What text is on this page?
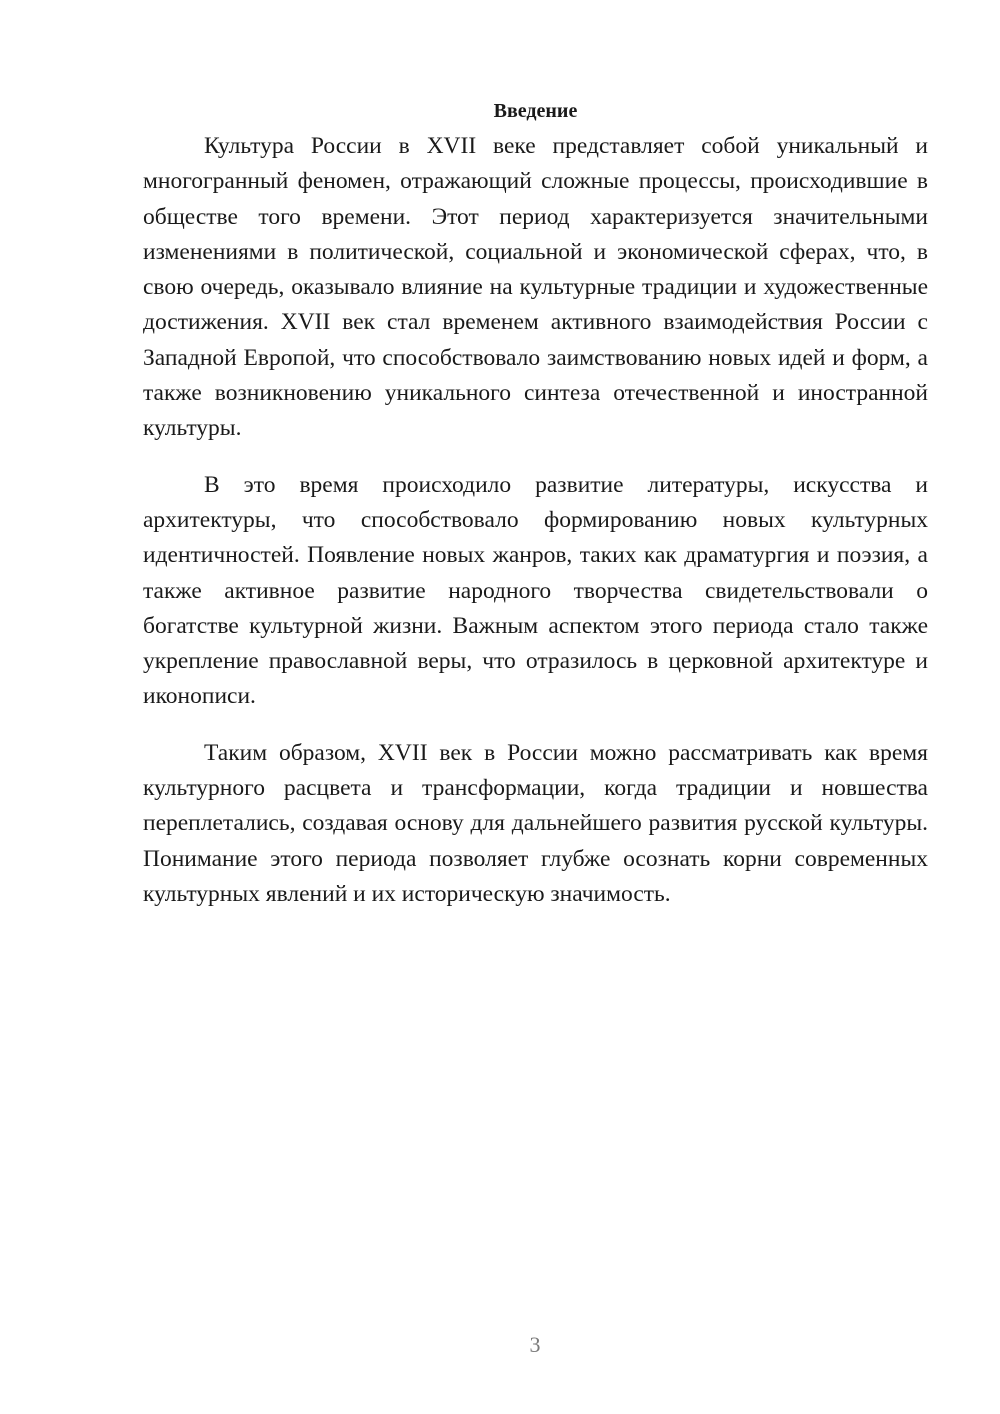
Введение

Культура России в XVII веке представляет собой уникальный и многогранный феномен, отражающий сложные процессы, происходившие в обществе того времени. Этот период характеризуется значительными изменениями в политической, социальной и экономической сферах, что, в свою очередь, оказывало влияние на культурные традиции и художественные достижения. XVII век стал временем активного взаимодействия России с Западной Европой, что способствовало заимствованию новых идей и форм, а также возникновению уникального синтеза отечественной и иностранной культуры.

В это время происходило развитие литературы, искусства и архитектуры, что способствовало формированию новых культурных идентичностей. Появление новых жанров, таких как драматургия и поэзия, а также активное развитие народного творчества свидетельствовали о богатстве культурной жизни. Важным аспектом этого периода стало также укрепление православной веры, что отразилось в церковной архитектуре и иконописи.

Таким образом, XVII век в России можно рассматривать как время культурного расцвета и трансформации, когда традиции и новшества переплетались, создавая основу для дальнейшего развития русской культуры. Понимание этого периода позволяет глубже осознать корни современных культурных явлений и их историческую значимость.

3
